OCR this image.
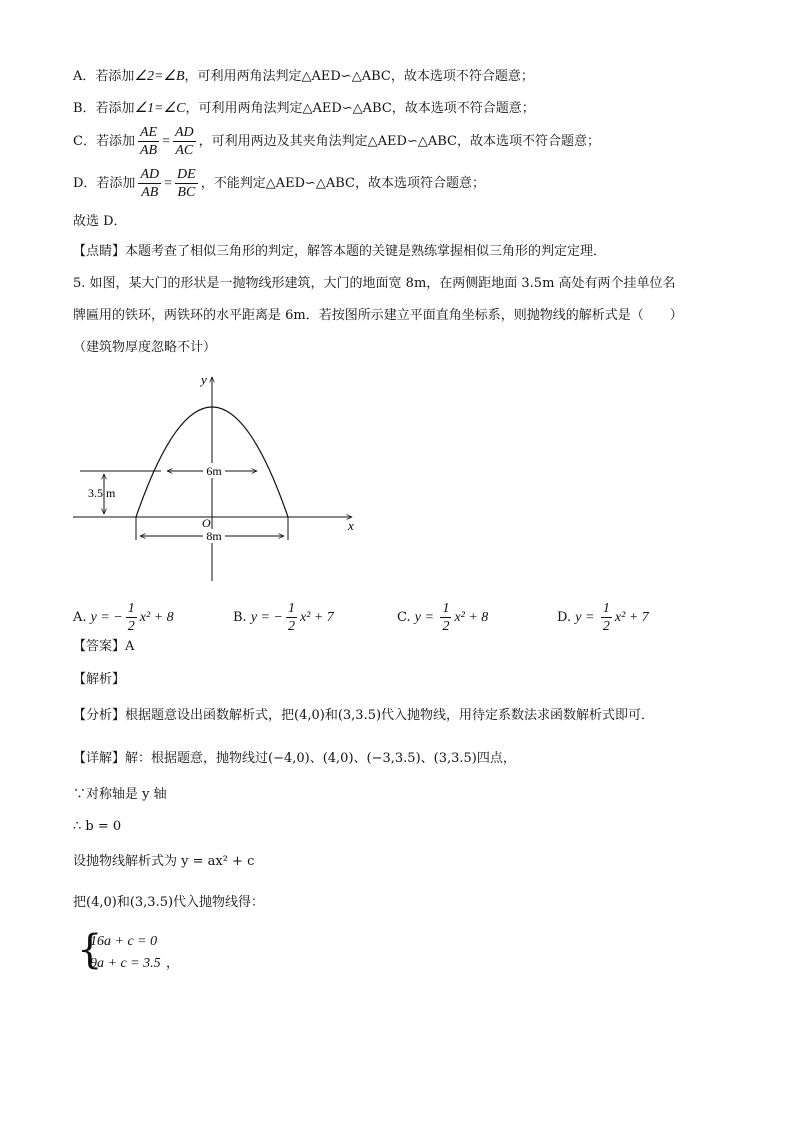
A．若添加∠2=∠B，可利用两角法判定△AED∽△ABC，故本选项不符合题意；
B．若添加∠1=∠C，可利用两角法判定△AED∽△ABC，故本选项不符合题意；
C．若添加 $\frac{AE}{AB} = \frac{AD}{AC}$ ，可利用两边及其夹角法判定△AED∽△ABC，故本选项不符合题意；
D．若添加 $\frac{AD}{AB} = \frac{DE}{BC}$ ，不能判定△AED∽△ABC，故本选项符合题意；
故选 D．
【点睛】本题考查了相似三角形的判定，解答本题的关键是熟练掌握相似三角形的判定定理．
5. 如图，某大门的形状是一抛物线形建筑，大门的地面宽 8m，在两侧距地面 3.5m 高处有两个挂单位名
牌匾用的铁环，两铁环的水平距离是 6m．若按图所示建立平面直角坐标系，则抛物线的解析式是（　　）
（建筑物厚度忽略不计）
6m
8m
3.5 m
O	x
y
A. y = − $\frac{1}{2} x^2 + 8$	B. y = − $\frac{1}{2} x^2 + 7$	C. $y = \frac{1}{2} x^2 + 8$	D. $y = \frac{1}{2} x^2 + 7$
【答案】A
【解析】
【分析】根据题意设出函数解析式，把(4,0)和(3,3.5)代入抛物线，用待定系数法求函数解析式即可．
【详解】解：根据题意，抛物线过(−4,0)、(4,0)、(−3,3.5)、(3,3.5)四点，
∵对称轴是 y 轴
∴ b = 0
设抛物线解析式为 y = ax² + c
把(4,0)和(3,3.5)代入抛物线得：
{
16a + c = 0
9a + c = 3.5 ，
